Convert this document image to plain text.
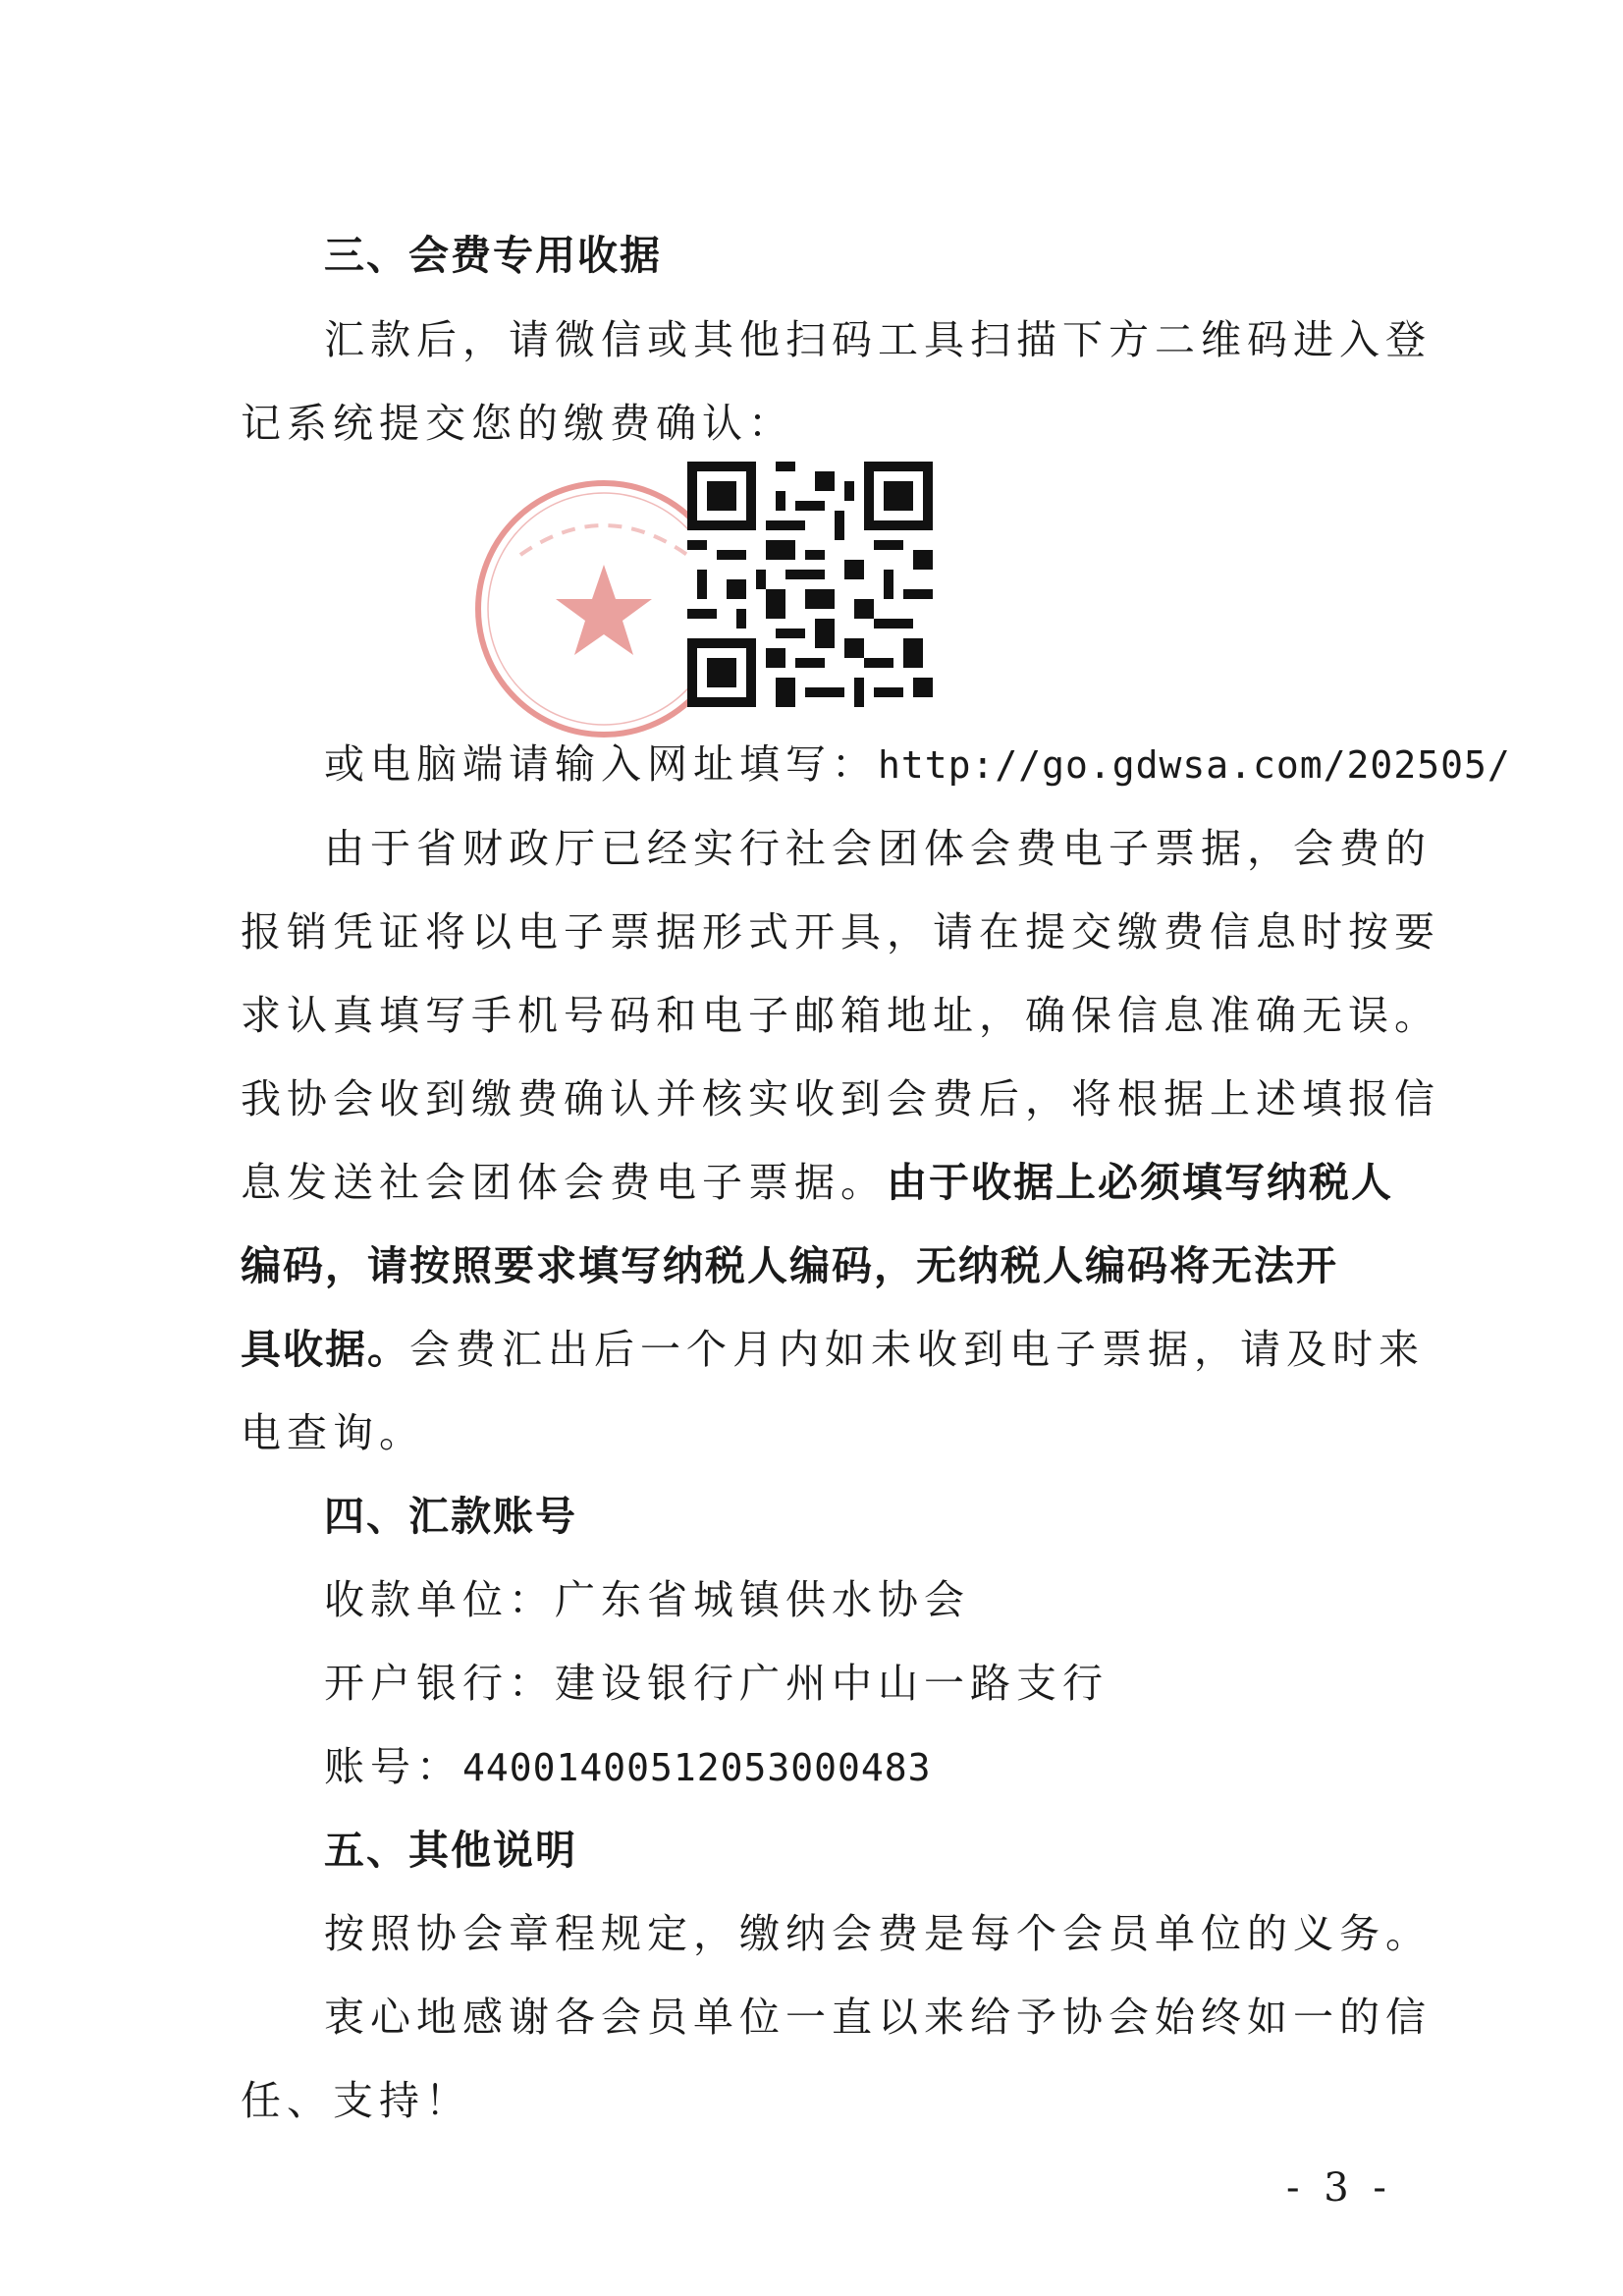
三、会费专用收据
汇款后，请微信或其他扫码工具扫描下方二维码进入登
记系统提交您的缴费确认：
或电脑端请输入网址填写：http://go.gdwsa.com/202505/
由于省财政厅已经实行社会团体会费电子票据，会费的
报销凭证将以电子票据形式开具，请在提交缴费信息时按要
求认真填写手机号码和电子邮箱地址，确保信息准确无误。
我协会收到缴费确认并核实收到会费后，将根据上述填报信
息发送社会团体会费电子票据。由于收据上必须填写纳税人
编码，请按照要求填写纳税人编码，无纳税人编码将无法开
具收据。会费汇出后一个月内如未收到电子票据，请及时来
电查询。
四、汇款账号
收款单位：广东省城镇供水协会
开户银行：建设银行广州中山一路支行
账号：44001400512053000483
五、其他说明
按照协会章程规定，缴纳会费是每个会员单位的义务。
衷心地感谢各会员单位一直以来给予协会始终如一的信
任、支持！
- 3 -
